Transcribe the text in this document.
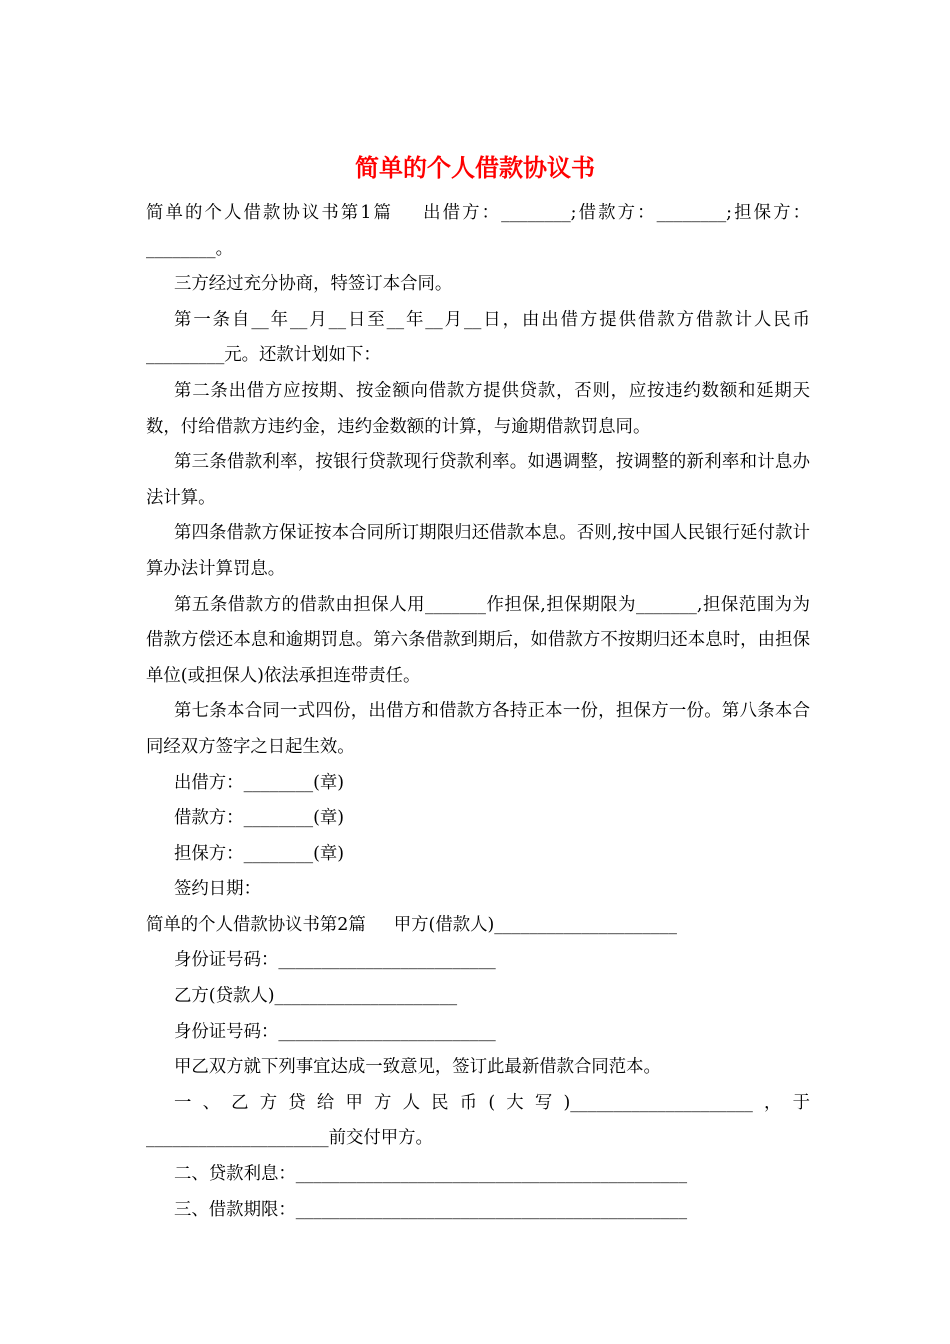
简单的个人借款协议书

简单的个人借款协议书第1篇 出借方：________;借款方：________;担保方：________。

三方经过充分协商，特签订本合同。

第一条自__年__月__日至__年__月__日，由出借方提供借款方借款计人民币_________元。还款计划如下：

第二条出借方应按期、按金额向借款方提供贷款，否则，应按违约数额和延期天数，付给借款方违约金，违约金数额的计算，与逾期借款罚息同。

第三条借款利率，按银行贷款现行贷款利率。如遇调整，按调整的新利率和计息办法计算。

第四条借款方保证按本合同所订期限归还借款本息。否则,按中国人民银行延付款计算办法计算罚息。

第五条借款方的借款由担保人用_______作担保,担保期限为_______,担保范围为为借款方偿还本息和逾期罚息。第六条借款到期后，如借款方不按期归还本息时，由担保单位(或担保人)依法承担连带责任。

第七条本合同一式四份，出借方和借款方各持正本一份，担保方一份。第八条本合同经双方签字之日起生效。

出借方：________(章)

借款方：________(章)

担保方：________(章)

签约日期：

简单的个人借款协议书第2篇 甲方(借款人)_____________________

身份证号码：_________________________

乙方(贷款人)_____________________

身份证号码：_________________________

甲乙双方就下列事宜达成一致意见，签订此最新借款合同范本。

一、乙方贷给甲方人民币(大写)_____________________，于_____________________前交付甲方。

二、贷款利息：_____________________________________________

三、借款期限：_____________________________________________
